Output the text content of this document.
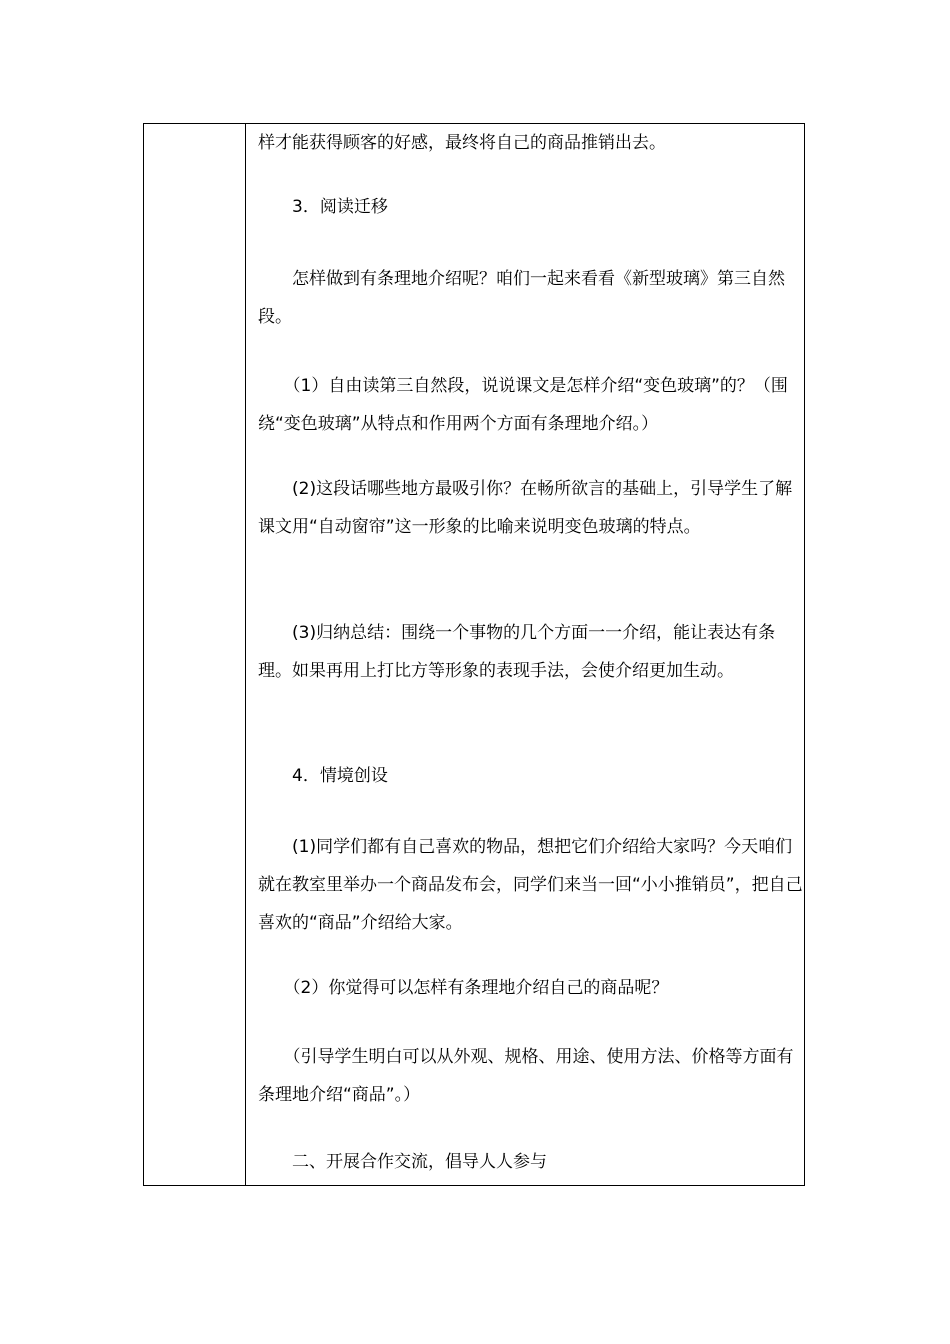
样才能获得顾客的好感，最终将自己的商品推销出去。

　　3．阅读迁移

　　怎样做到有条理地介绍呢？咱们一起来看看《新型玻璃》第三自然段。

　　（1）自由读第三自然段，说说课文是怎样介绍“变色玻璃”的？（围绕“变色玻璃”从特点和作用两个方面有条理地介绍。）

　　(2)这段话哪些地方最吸引你？在畅所欲言的基础上，引导学生了解课文用“自动窗帘”这一形象的比喻来说明变色玻璃的特点。

　　(3)归纳总结：围绕一个事物的几个方面一一介绍，能让表达有条理。如果再用上打比方等形象的表现手法，会使介绍更加生动。

　　4．情境创设

　　(1)同学们都有自己喜欢的物品，想把它们介绍给大家吗？今天咱们就在教室里举办一个商品发布会，同学们来当一回“小小推销员”，把自己喜欢的“商品”介绍给大家。

　　（2）你觉得可以怎样有条理地介绍自己的商品呢？

　　（引导学生明白可以从外观、规格、用途、使用方法、价格等方面有条理地介绍“商品”。）

　　二、开展合作交流，倡导人人参与
